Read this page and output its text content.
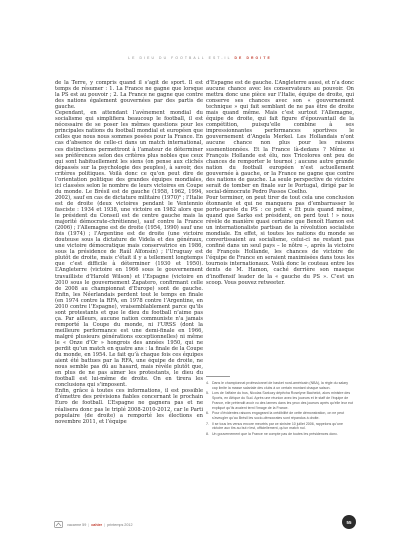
LE DIEU DU FOOTBALL EST-IL DE DROITE

de la Terre, y compris quand il s’agit de sport. Il est temps de résumer : 1. La France ne gagne que lorsque la PS est au pouvoir ; 2. La France ne gagne que contre des nations également gouvernées par des partis de gauche.

Cependant, en attendant l’avènement mondial du socialisme qui simplifiera beaucoup le football, il est nécessaire de se poser les mêmes questions pour les principales nations du football mondial et européen que celles que nous nous sommes posées pour la France. En cas d’absence de celle-ci dans un match international, ces distinctions permettront à l’amateur de déterminer ses préférences selon des critères plus nobles que ceux qui sont habituellement les siens (on pense aux clichés dépassés sur la psychologie des peuples), à savoir, des critères politiques. Voilà donc ce qu’on peut dire de l’orientation politique des grandes équipes mondiales, ici classées selon le nombre de leurs victoires en Coupe du monde. Le Brésil est de gauche (1958, 1962, 1994, 2002), sauf en cas de dictature militaire (1970)⁵ ; l’Italie est de droite (deux victoires pendant le Ventennio fasciste : 1934 et 1938, une victoire en 1982 alors que le président du Conseil est de centre gauche mais la majorité démocrate-chrétienne), sauf contre la France (2006) ; l’Allemagne est de droite (1954, 1990) sauf une fois (1974) ; l’Argentine est de droite (une victoire douteuse sous la dictature de Videla et des généraux, une victoire démocratique mais conservatrice en 1986, sous la présidence de Raúl Alfonsín) ; l’Uruguay est plutôt de droite, mais c’était il y a tellement longtemps que c’est difficile à déterminer (1930 et 1950). L’Angleterre (victoire en 1966 sous le gouvernement travailliste d’Harold Wilson) et l’Espagne (victoire en 2010 sous le gouvernement Zapatero, confirmant celle de 2008 au championnat d’Europe) sont de gauche. Enfin, les Néerlandais perdent tout le temps en finale (en 1974 contre la RFA, en 1978 contre l’Argentine, en 2010 contre l’Espagne), vraisemblablement parce qu’ils sont protestants et que le dieu du football n’aime pas ça. Par ailleurs, aucune nation communiste n’a jamais remporté la Coupe du monde, ni l’URSS (dont la meilleure performance est une demi-finale en 1966, malgré plusieurs générations exceptionnelles) ni même le « Onze d’Or » hongrois des années 1950, qui ne perdit qu’un match en quatre ans : la finale de la Coupe du monde, en 1954. Le fait qu’à chaque fois ces équipes aient été battues par la RFA, une équipe de droite, ne nous semble pas dû au hasard, mais révèle plutôt que, en plus de ne pas aimer les protestants, le dieu du football est lui-même de droite. On en tirera les conclusions qui s’imposent.

Enfin, grâce à toutes ces informations, il est possible d’émettre des prévisions fiables concernant le prochain Euro de football. L’Espagne ne gagnera pas et ne réalisera donc pas le triplé 2008-2010-2012, car le Parti populaire (de droite) a remporté les élections en novembre 2011, et l’équipe

d’Espagne est de gauche. L’Angleterre aussi, et n’a donc aucune chance avec les conservateurs au pouvoir. On mettra donc une pièce sur l’Italie, équipe de droite, qui conserve ses chances avec son « gouvernement technique » qui fait semblant de ne pas être de droite mais quand même. Mais c’est surtout l’Allemagne, équipe de droite, qui fait figure d’épouvantail de la compétition, puisqu’elle combine à ses impressionnantes performances sportives le gouvernement d’Angela Merkel. Les Hollandais n’ont aucune chance non plus pour les raisons susmentionnées. Et la France là-dedans ? Même si François Hollande est élu, nos Tricolores ont peu de chances de remporter le tournoi ; aucune autre grande nation du football européen n’est actuellement gouvernée à gauche, or la France ne gagne que contre des nations de gauche. La seule perspective de victoire serait de tomber en finale sur le Portugal, dirigé par le social-démocrate Pedro Passos Coelho.

Pour terminer, on peut tirer de tout cela une conclusion étonnante et qui ne manquera pas d’embarrasser le porte-parole du PS : ce petit « Et puis quand même, quand que Sarko est président, on perd tout ! » nous révèle de manière quasi certaine que Benoît Hamon est un internationaliste partisan de la révolution socialiste mondiale. En effet, si toutes les nations du monde se convertissaient au socialisme, celui-ci ne restant pas confiné dans un seul pays – le nôtre –, après la victoire de François Hollande, les chances de victoire de l’équipe de France en seraient maximisées dans tous les tournois internationaux. Voilà donc le couteau entre les dents de M. Hamon, caché derrière son masque d’inoffensif leader de la « gauche du PS ». C’est un scoop. Vous pouvez retweeter.

4. Dans le championnat professionnel de basket nord-américain (NBA), la règle du salary cap limite la masse salariale des clubs à un certain montant chaque saison.
5. Lors de l’affaire du bus, Nicolas Sarkozy dépêcha Roselyne Bachelot, alors ministre des Sports, en Afrique du Sud. Après une réunion avec les joueurs et le staff de l’équipe de France, elle prétendit avoir vu des larmes dans les yeux des joueurs après qu’elle leur eut expliqué qu’ils avaient terni l’image de la France.
6. Pour d’évidentes raisons engageant la crédibilité de cette démonstration, on ne peut s’aveugler qu’au Brésil les socio-démocrates sont répandus à droite.
7. Il se tous les venus encore meurtris par ce sinistre 10 juillet 2006, rappelons qu’une victoire aux tirs au but n’est, officiellement, qu’un match nul.
8. Un gouvernement que la France ne compte pas de toutes les présidences donc.
vacarme 59 | cahier | printemps 2012	55
